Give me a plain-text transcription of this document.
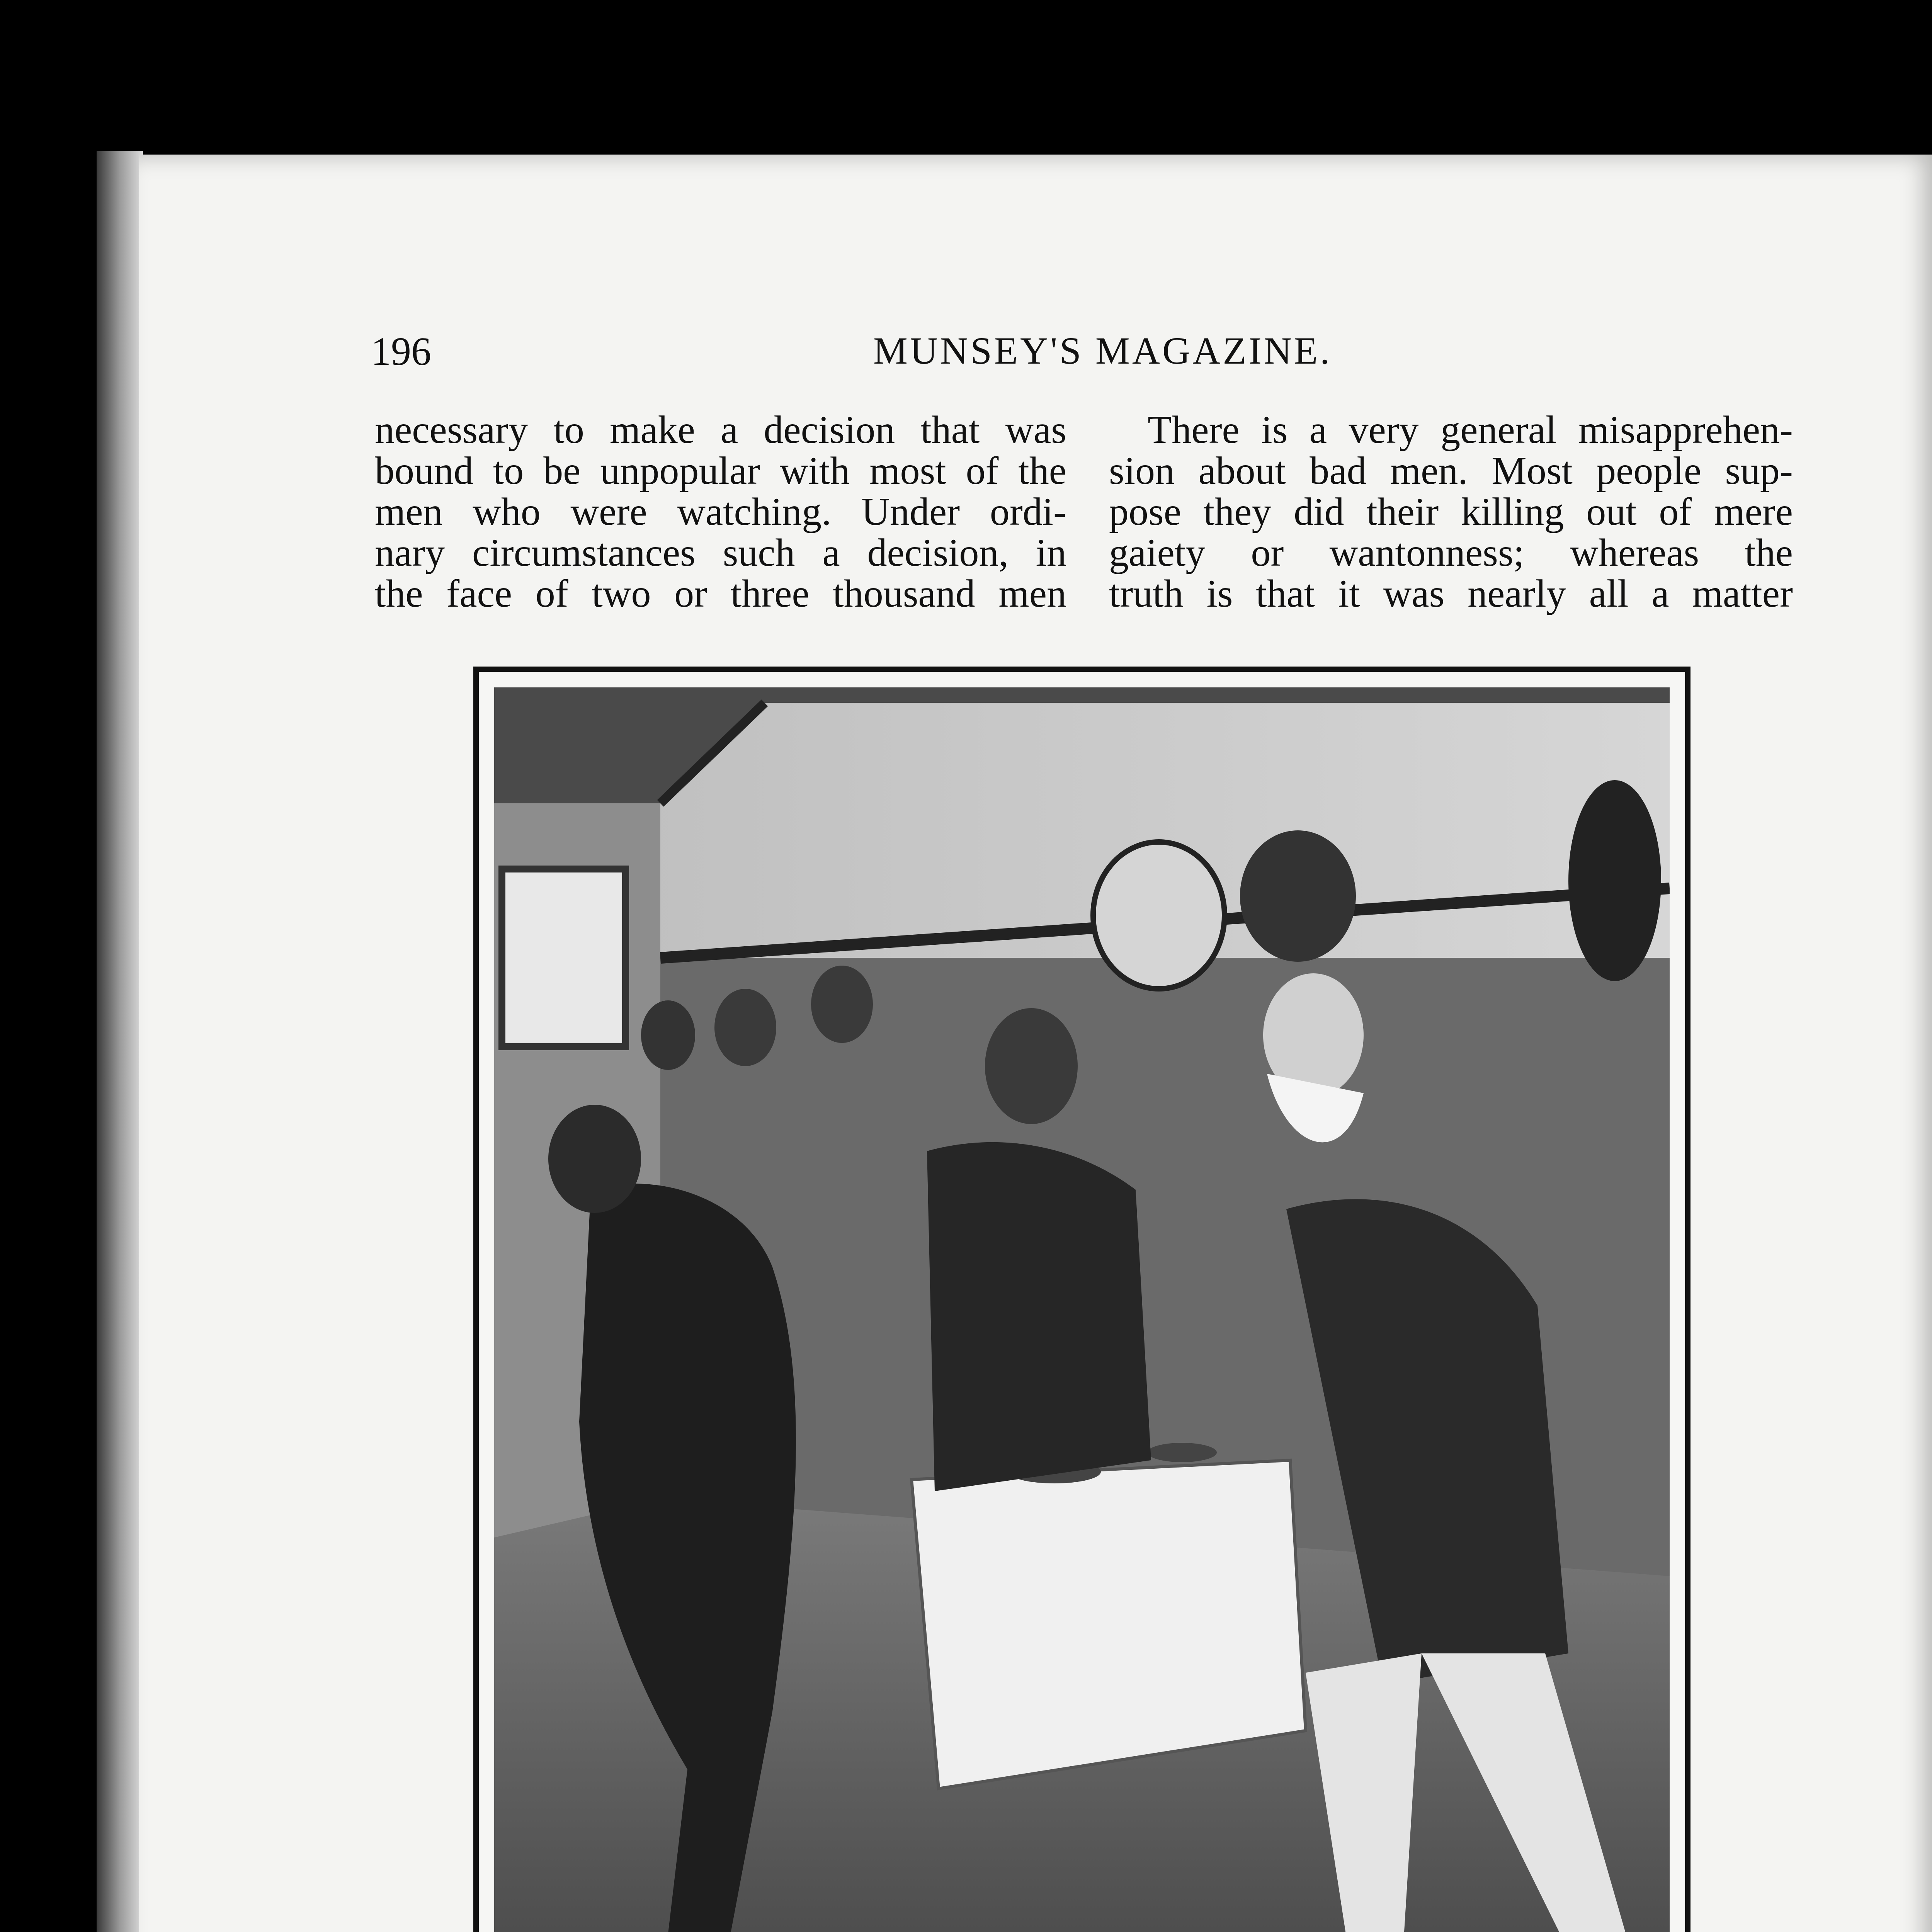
196	MUNSEY'S MAGAZINE.
necessary to make a decision that was
bound to be unpopular with most of the
men who were watching. Under ordi-
nary circumstances such a decision, in
the face of two or three thousand men
There is a very general misapprehen-
sion about bad men. Most people sup-
pose they did their killing out of mere
gaiety or wantonness; whereas the
truth is that it was nearly all a matter
